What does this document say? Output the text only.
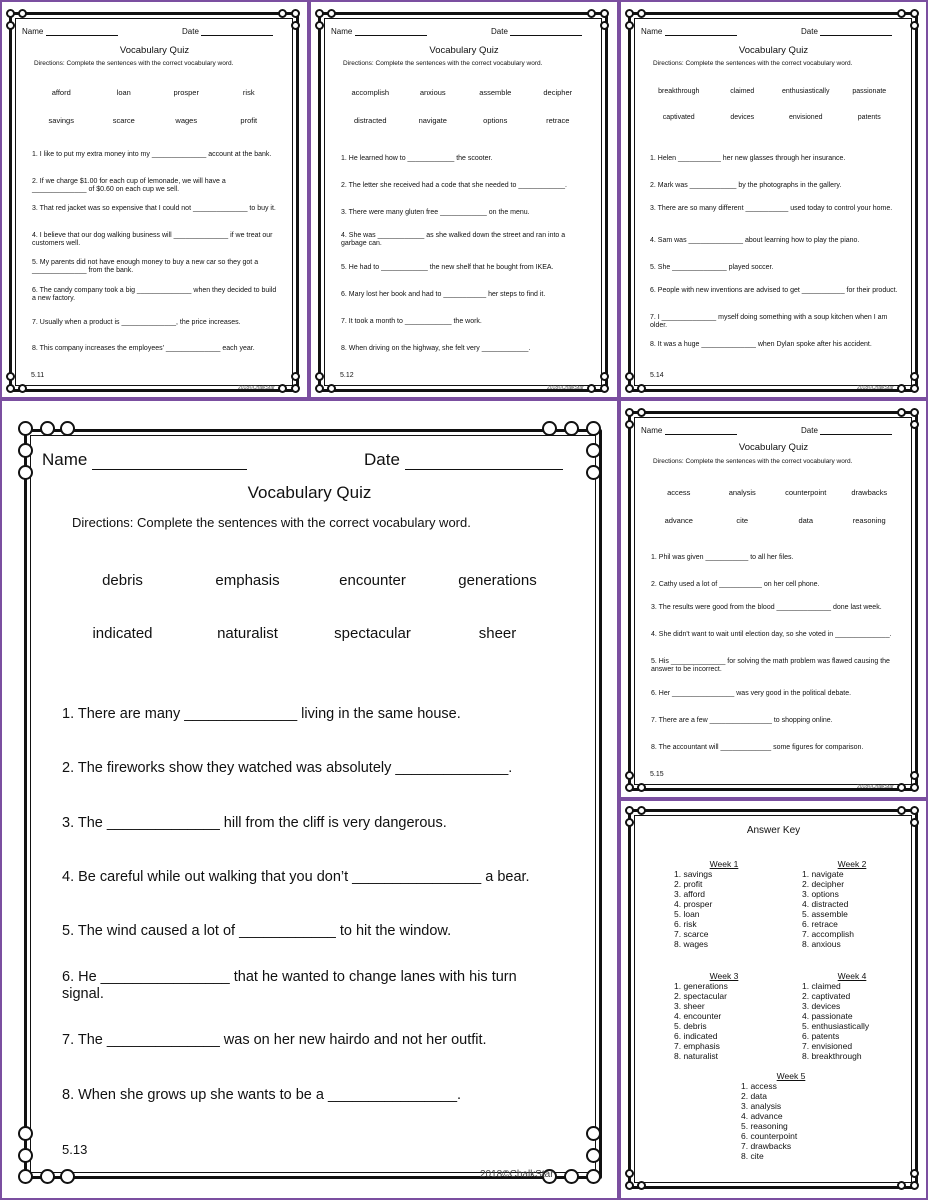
Name	Date
Vocabulary Quiz
Directions: Complete the sentences with the correct vocabulary word.
afford	loan	prosper	risk
savings	scarce	wages	profit
1. I like to put my extra money into my ______________ account at the bank.
2. If we charge $1.00 for each cup of lemonade, we will have a ______________ of $0.60 on each cup we sell.
3. That red jacket was so expensive that I could not ______________ to buy it.
4. I believe that our dog walking business will ______________ if we treat our customers well.
5. My parents did not have enough money to buy a new car so they got a ______________ from the bank.
6. The candy company took a big ______________ when they decided to build a new factory.
7. Usually when a product is ______________, the price increases.
8. This company increases the employees' ______________ each year.
5.11
2018©ChalkStar
Name	Date
Vocabulary Quiz
Directions: Complete the sentences with the correct vocabulary word.
accomplish	anxious	assemble	decipher
distracted	navigate	options	retrace
1. He learned how to ____________ the scooter.
2. The letter she received had a code that she needed to ____________.
3. There were many gluten free ____________ on the menu.
4. She was ____________ as she walked down the street and ran into a garbage can.
5. He had to ____________ the new shelf that he bought from IKEA.
6. Mary lost her book and had to ___________ her steps to find it.
7. It took a month to ____________ the work.
8. When driving on the highway, she felt very ____________.
5.12
2018©ChalkStar
Name	Date
Vocabulary Quiz
Directions: Complete the sentences with the correct vocabulary word.
breakthrough	claimed	enthusiastically	passionate
captivated	devices	envisioned	patents
1. Helen ___________ her new glasses through her insurance.
2. Mark was ____________ by the photographs in the gallery.
3. There are so many different ___________ used today to control your home.
4. Sam was ______________ about learning how to play the piano.
5. She ______________ played soccer.
6. People with new inventions are advised to get ___________ for their product.
7. I ______________ myself doing something with a soup kitchen when I am older.
8. It was a huge ______________ when Dylan spoke after his accident.
5.14
2018©ChalkStar
Name	Date
Vocabulary Quiz
Directions: Complete the sentences with the correct vocabulary word.
debris	emphasis	encounter	generations
indicated	naturalist	spectacular	sheer
1. There are many ______________ living in the same house.
2. The fireworks show they watched was absolutely ______________.
3. The ______________ hill from the cliff is very dangerous.
4. Be careful while out walking that you don’t ________________ a bear.
5. The wind caused a lot of ____________ to hit the window.
6. He ________________ that he wanted to change lanes with his turn signal.
7. The ______________ was on her new hairdo and not her outfit.
8. When she grows up she wants to be a ________________.
5.13
2018©ChalkStar
Name	Date
Vocabulary Quiz
Directions: Complete the sentences with the correct vocabulary word.
access	analysis	counterpoint	drawbacks
advance	cite	data	reasoning
1. Phil was given ___________ to all her files.
2. Cathy used a lot of ___________ on her cell phone.
3. The results were good from the blood ______________ done last week.
4. She didn't want to wait until election day, so she voted in ______________.
5. His ______________ for solving the math problem was flawed causing the answer to be incorrect.
6. Her ________________ was very good in the political debate.
7. There are a few ________________ to shopping online.
8. The accountant will _____________ some figures for comparison.
5.15
2018©ChalkStar
Answer Key
Week 1
1. savings
2. profit
3. afford
4. prosper
5. loan
6. risk
7. scarce
8. wages
Week 2
1. navigate
2. decipher
3. options
4. distracted
5. assemble
6. retrace
7. accomplish
8. anxious
Week 3
1. generations
2. spectacular
3. sheer
4. encounter
5. debris
6. indicated
7. emphasis
8. naturalist
Week 4
1. claimed
2. captivated
3. devices
4. passionate
5. enthusiastically
6. patents
7. envisioned
8. breakthrough
Week 5
1. access
2. data
3. analysis
4. advance
5. reasoning
6. counterpoint
7. drawbacks
8. cite
